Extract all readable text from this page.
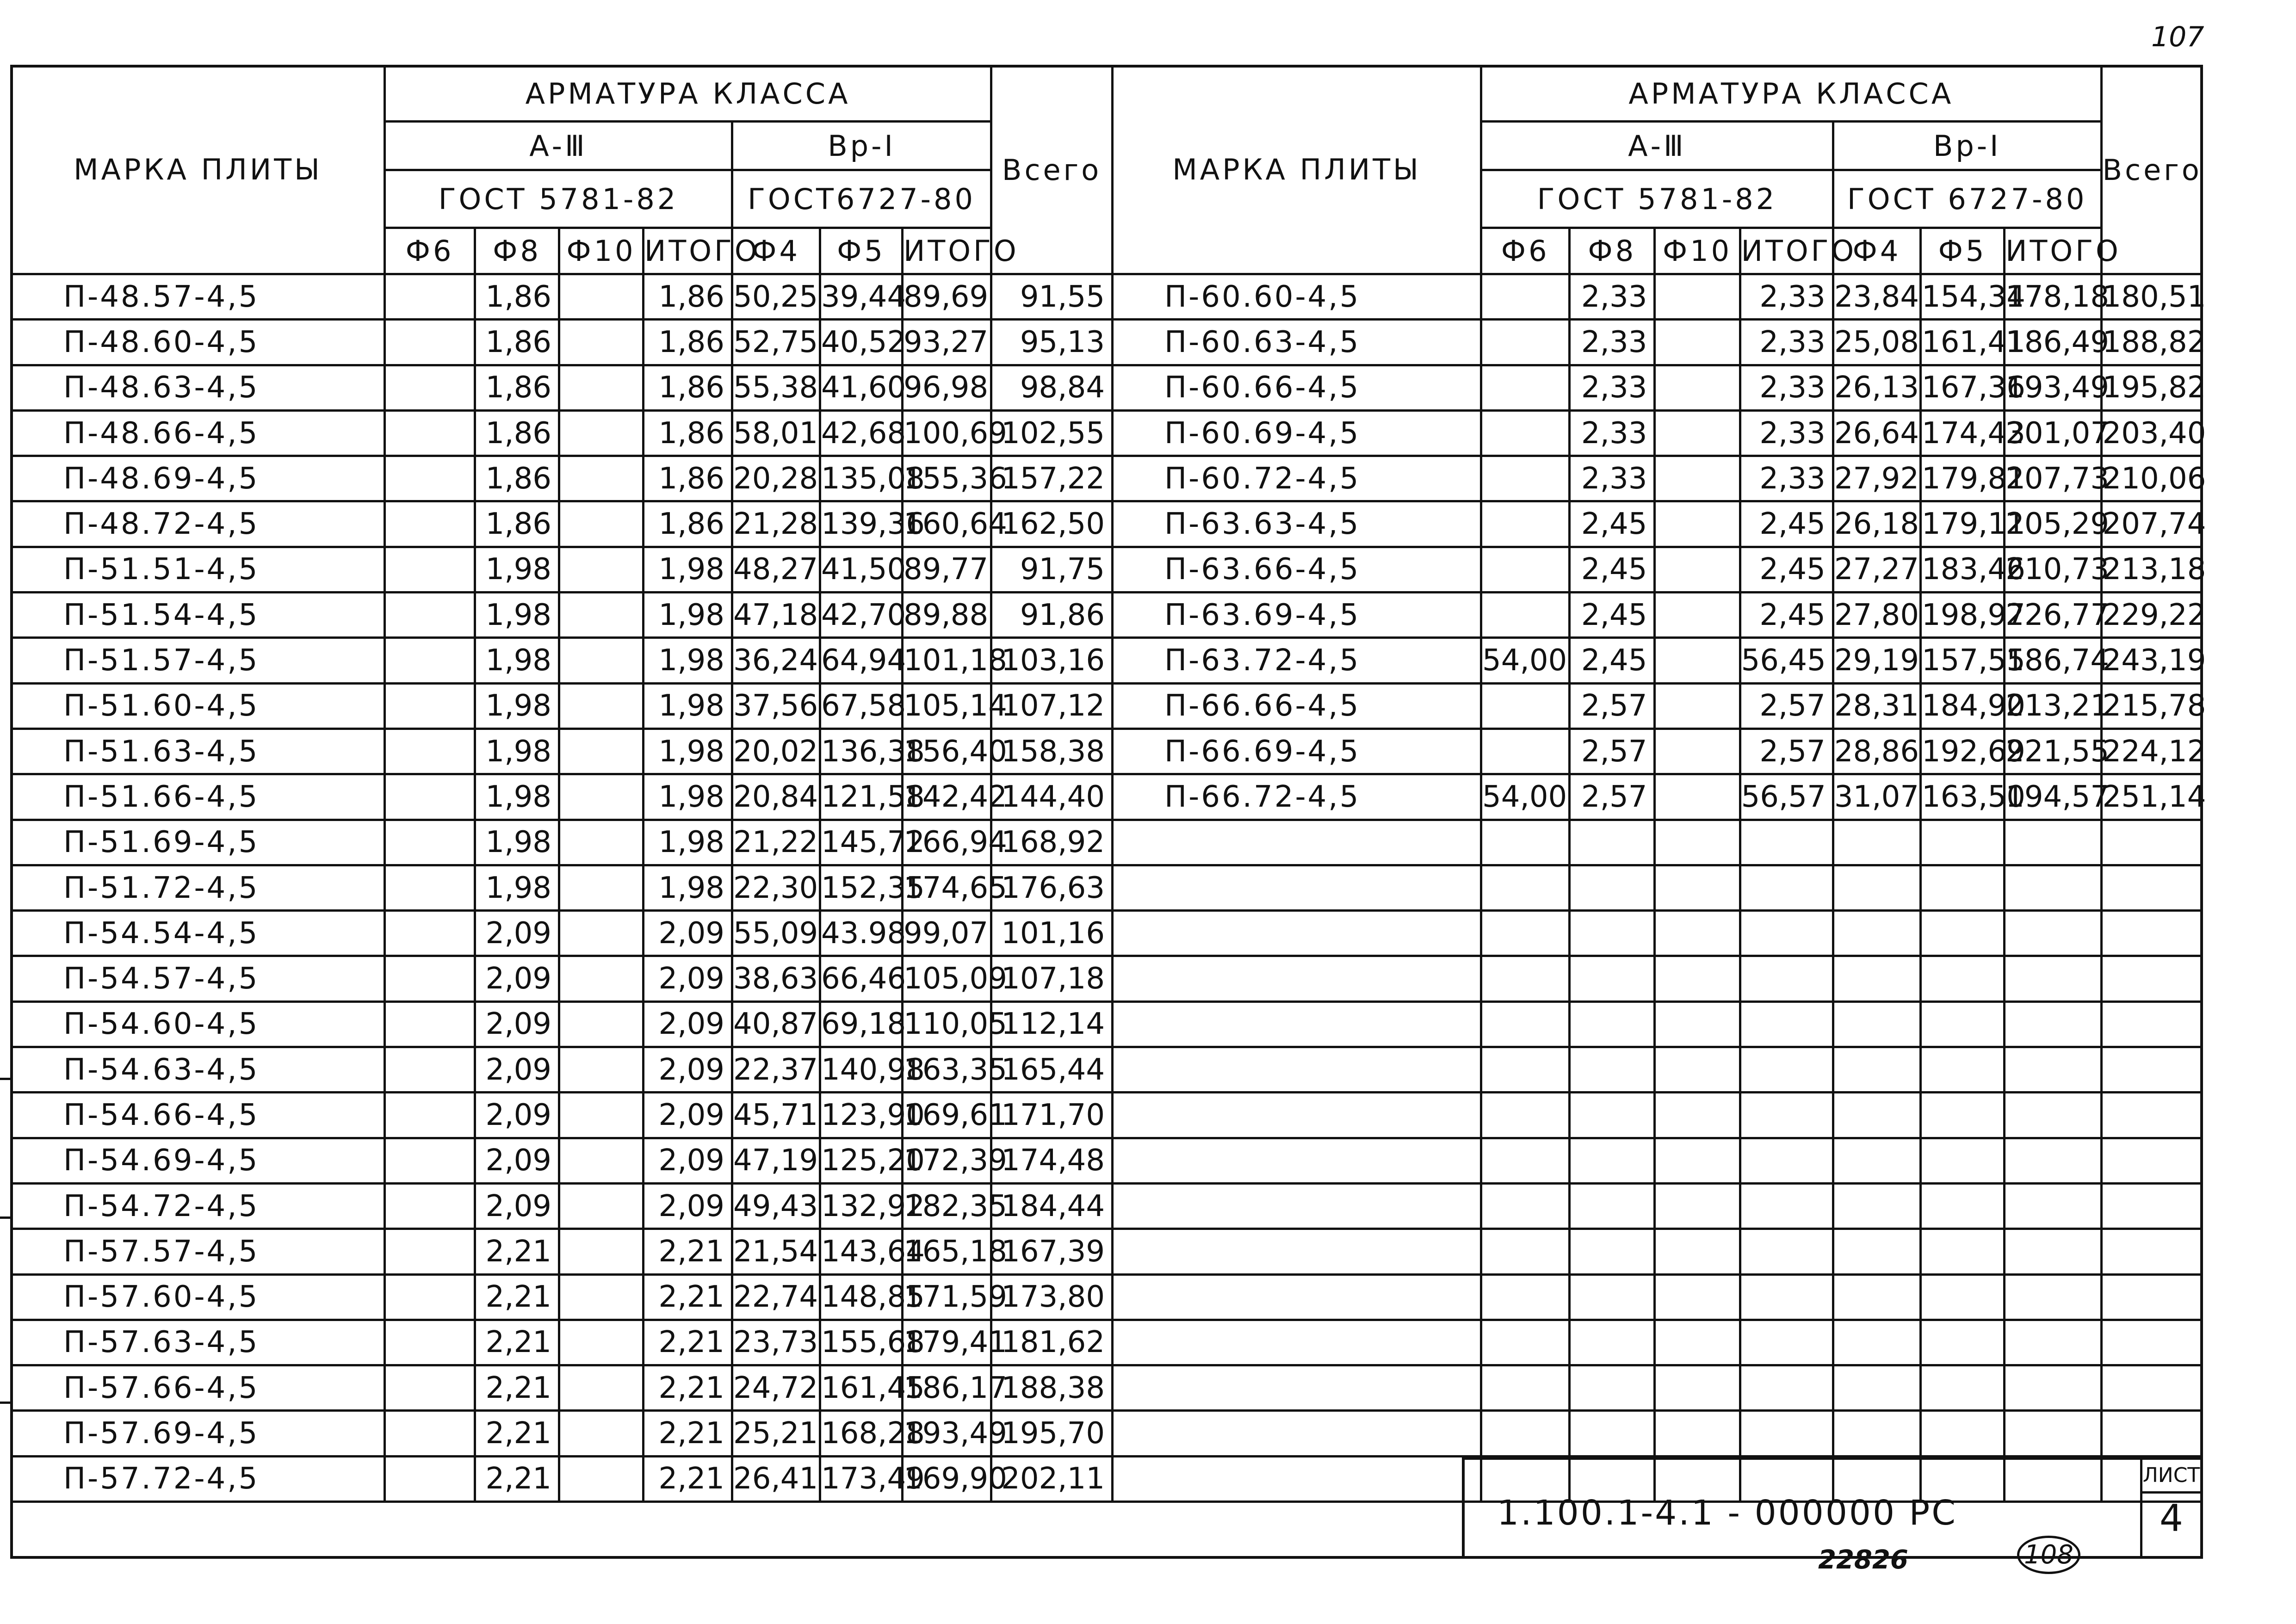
107
МАРКА ПЛИТЫ	АРМАТУРА КЛАССА							Всего
	А-Ⅲ				Вр-Ⅰ			
	ГОСТ 5781-82				ГОСТ6727-80			
	Ф6	Ф8	Ф10	ИТОГО	Ф4	Ф5	ИТОГО	
П-48.57-4,5		1,86		1,86	50,25	39,44	89,69	91,55
П-48.60-4,5		1,86		1,86	52,75	40,52	93,27	95,13
П-48.63-4,5		1,86		1,86	55,38	41,60	96,98	98,84
П-48.66-4,5		1,86		1,86	58,01	42,68	100,69	102,55
П-48.69-4,5		1,86		1,86	20,28	135,08	155,36	157,22
П-48.72-4,5		1,86		1,86	21,28	139,36	160,64	162,50
П-51.51-4,5		1,98		1,98	48,27	41,50	89,77	91,75
П-51.54-4,5		1,98		1,98	47,18	42,70	89,88	91,86
П-51.57-4,5		1,98		1,98	36,24	64,94	101,18	103,16
П-51.60-4,5		1,98		1,98	37,56	67,58	105,14	107,12
П-51.63-4,5		1,98		1,98	20,02	136,38	156,40	158,38
П-51.66-4,5		1,98		1,98	20,84	121,58	142,42	144,40
П-51.69-4,5		1,98		1,98	21,22	145,72	166,94	168,92
П-51.72-4,5		1,98		1,98	22,30	152,35	174,65	176,63
П-54.54-4,5		2,09		2,09	55,09	43.98	99,07	101,16
П-54.57-4,5		2,09		2,09	38,63	66,46	105,09	107,18
П-54.60-4,5		2,09		2,09	40,87	69,18	110,05	112,14
П-54.63-4,5		2,09		2,09	22,37	140,98	163,35	165,44
П-54.66-4,5		2,09		2,09	45,71	123,90	169,61	171,70
П-54.69-4,5		2,09		2,09	47,19	125,20	172,39	174,48
П-54.72-4,5		2,09		2,09	49,43	132,92	182,35	184,44
П-57.57-4,5		2,21		2,21	21,54	143,64	165,18	167,39
П-57.60-4,5		2,21		2,21	22,74	148,85	171,59	173,80
П-57.63-4,5		2,21		2,21	23,73	155,68	179,41	181,62
П-57.66-4,5		2,21		2,21	24,72	161,45	186,17	188,38
П-57.69-4,5		2,21		2,21	25,21	168,28	193,49	195,70
П-57.72-4,5		2,21		2,21	26,41	173,49	169,90	202,11
МАРКА ПЛИТЫ	АРМАТУРА КЛАССА							Всего
	А-Ⅲ				Вр-Ⅰ			
	ГОСТ 5781-82				ГОСТ 6727-80			
	Ф6	Ф8	Ф10	ИТОГО	Ф4	Ф5	ИТОГО	
П-60.60-4,5		2,33		2,33	23,84	154,34	178,18	180,51
П-60.63-4,5		2,33		2,33	25,08	161,41	186,49	188,82
П-60.66-4,5		2,33		2,33	26,13	167,36	193,49	195,82
П-60.69-4,5		2,33		2,33	26,64	174,43	201,07	203,40
П-60.72-4,5		2,33		2,33	27,92	179,81	207,73	210,06
П-63.63-4,5		2,45		2,45	26,18	179,11	205,29	207,74
П-63.66-4,5		2,45		2,45	27,27	183,46	210,73	213,18
П-63.69-4,5		2,45		2,45	27,80	198,97	226,77	229,22
П-63.72-4,5	54,00	2,45		56,45	29,19	157,55	186,74	243,19
П-66.66-4,5		2,57		2,57	28,31	184,90	213,21	215,78
П-66.69-4,5		2,57		2,57	28,86	192,69	221,55	224,12
П-66.72-4,5	54,00	2,57		56,57	31,07	163,50	194,57	251,14

1.100.1-4.1 - 000000 РС
ЛИСТ
4
22826	108
